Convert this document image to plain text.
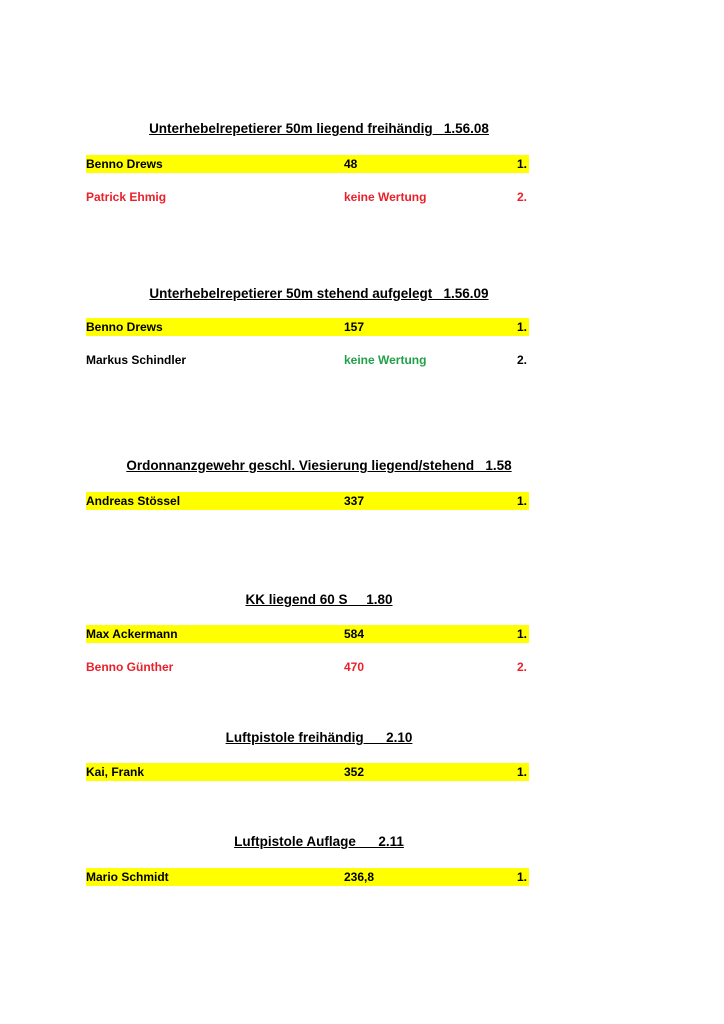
Unterhebelrepetierer 50m liegend freihändig   1.56.08
Benno Drews	48	1.
Patrick Ehmig	keine Wertung	2.
Unterhebelrepetierer 50m stehend aufgelegt   1.56.09
Benno Drews	157	1.
Markus Schindler	keine Wertung	2.
Ordonnanzgewehr geschl. Viesierung liegend/stehend   1.58
Andreas Stössel	337	1.
KK liegend 60 S     1.80
Max Ackermann	584	1.
Benno Günther	470	2.
Luftpistole freihändig      2.10
Kai, Frank	352	1.
Luftpistole Auflage      2.11
Mario Schmidt	236,8	1.
